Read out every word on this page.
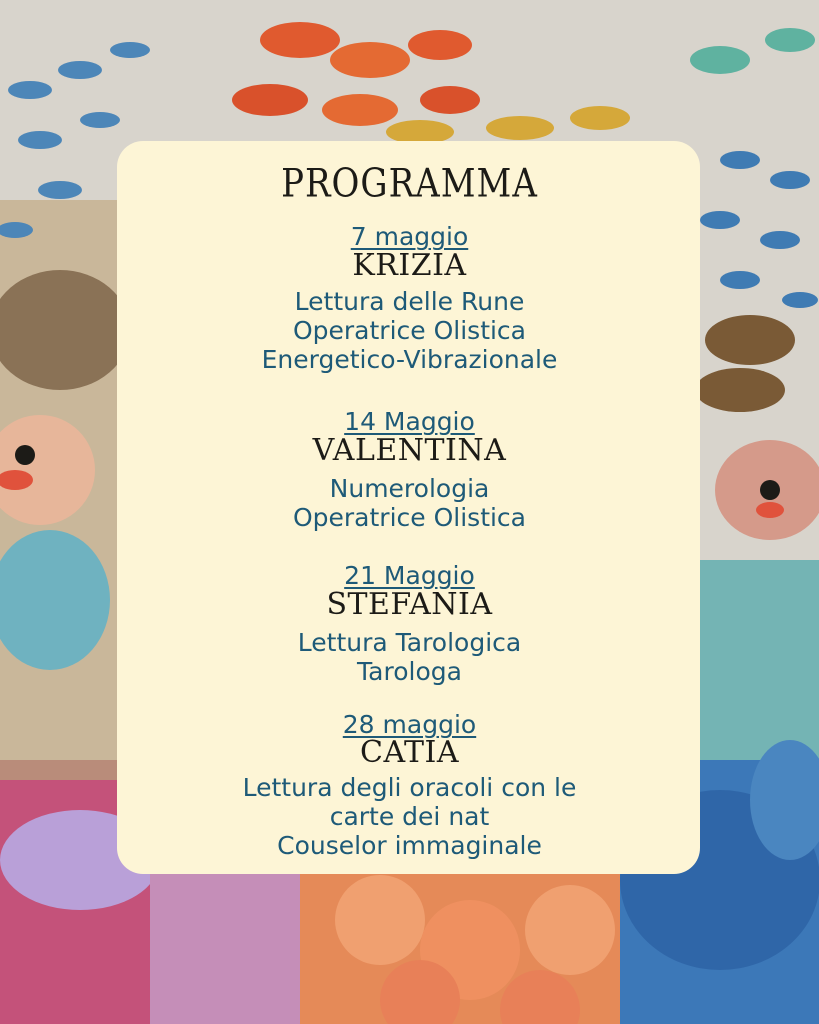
PROGRAMMA
7 maggio
KRIZIA
Lettura delle Rune
Operatrice Olistica
Energetico-Vibrazionale
14 Maggio
VALENTINA
Numerologia
Operatrice Olistica
21 Maggio
STEFANIA
Lettura Tarologica
Tarologa
28 maggio
CATIA
Lettura degli oracoli con le
carte dei nat
Couselor immaginale
